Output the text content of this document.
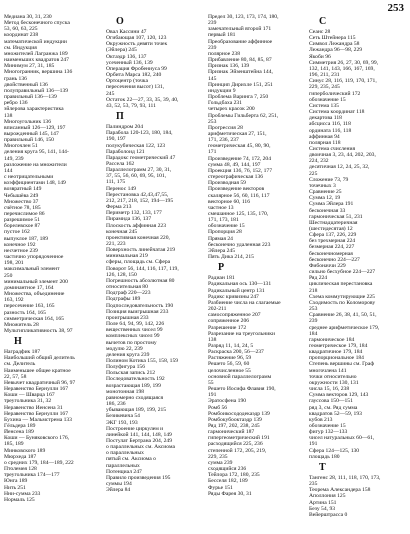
253
Медиана 30, 31, 230
Метод бесконечного спуска
53, 60, 63, 225
координат 238
математической индукции
см. Индукция
множителей Лагранжа 189
наименьших квадратов 247
Минимум 27, 31, 185
Многогранник, вершина 136
грань 136
двойственный 136
полуправильный 136—139
правильный 136—139
ребро 136
эйлерова характеристика
138
Многоугольник 136
вписанный 126—129, 197
вырожденный 145, 147
правильный 146, 150
Многочлен 51
деления круга 95, 141, 144-
149, 239
разложение на множители
144
с неотрицательными
коэффициентами 148, 149
возвратный 149
Чебышёва 249
Множество 37
счётное 78, 185
перечислимое 86
разрешимое 51
борелевское 87
пустое 162
выпуклое 187, 189
конечное 192
несчетное 239
частично упорядоченное
198, 201
максимальный элемент
250
минимальный элемент 200
доминантное 17, 164
Множества, объединение
163, 192
пересечение 163, 165
разность 164, 165
симметрическая 164, 165
Множитель 28
Мультипликативность 38, 97
Н
Наградфик 187
Наибольший общий делитель
см. Делитель
Наименьшее общее кратное
22, 57, 58
Невычет квадратичный 96, 97
Неравенство Бернулли 167
Коши — Шварца 167
треугольника 31, 32
Неравенство Иенсена 31
Неравенство Бернулли 167
Бухина — Мальмстрема 133
Гёльдера 189
Йенсена 189
Коши — Буняковского 176,
185, 189
Минковского 189
Мюрхеда 187
о средних 179, 184—189, 222
Птолемея 128
треугольника 174—177
Юнга 189
Нить 251
Нни-сумма 233
Нормаль 125
О
Овал Кассини 47
Огибающая 107, 120, 123
Окружность девяти точек
(Эйлера) 245
Октаэдр 136, 137
усеченный 136, 139
Операция Фробениуса 99
Орбита Марса 182, 240
Ортоцентр (точка
пересечения высот) 131,
245
Остаток 22—27, 33, 35, 39, 40,
43, 52, 53, 79, 93, 111
П
Палиндром 204
Парабола 120-123, 180, 184,
190, 197
полукубическая 122, 123
Параболоид 121
Парадокс геометрический 47
Рассела 162
Параллелограмм 27, 30, 31,
37, 55, 56, 60, 69, 95, 101,
111, 175
Перенос 149
Перестановка 42,43,47,55,
212, 217, 218, 152, 194—195
Ферма 213
Периметр 132, 133, 177
Пирамида 136, 137
Плоскость аффинная 223
конечная 245
проективная конечная 220,
221, 223
Поверхность линейчатая 219
минимальная 219
сферы, площадь см. Сфера
Поворот 56, 144, 116, 117, 119,
126, 128, 150
Погрешность абсолютная 80
относительная 80
Подграф 220—223
Подграфы 189
Подпоследовательность 190
Позиция выигрышная 233
проигрышная 233
Поле 64, 94, 99, 142, 226
вещественных чисел 99
комплексных чисел 99
вычетов по простому
модулю 22, 239
деления круга 239
Полином Котика 155, 158, 159
Полуфигура 156
Польская запись 212
Последовательность 192
возрастающая 189, 199
монотонная 198
равномерно сходящаяся
186, 236
убывающая 189, 199, 215
Безикевича 54
ЭКГ 193, 193
Построение циркулем и
линейкой 141, 144, 148, 149
Постулат Бертрана 204, 249
о параллельных см. Аксиома
о параллельных
пятый см. Аксиома о
параллельных
Потенциал 247
Правило произведения 195
суммы 194
Эйлера 84
Предел 30, 123, 173, 174, 180,
239
замечательный второй 171
первый 181
Преобразование аффинное
239
полярное 238
Прибавление 80, 84, 85, 87
Признак 136, 139
Признак Эйзенштейна 144,
145
Принцип Дирихле 151, 251
индукции 9
Проблема Варинга 7, 250
Гольдбаха 231
четырех красок 200
Проблемы Гильберта 62, 251,
253
Прогрессия 28
арифметическая 27, 151,
171, 236, 237
геометрическая 45, 80, 90,
171
Произведение 74, 172, 204
сумма 48, 49, 144, 197
Проекция 136, 76, 152, 177
стереографическая 136
Производная 59
Произведение векторов
скалярное 56, 60, 116, 117
векторное 60, 116
частное 13
смешанное 125, 135, 170,
171, 173, 181
обозначение 15
Пропорция 28
Прямая 24
бесконечно удаленная 223
Эйлера 245
Пять Дика 214, 215
Р
Радиан 181
Радикальная ось 130—131
Радикальный центр 131
Радикс кривизны 247
Разбиение числа на слагаемые
202-211
самосопряженное 207
сопряженное 206
Разрешение 172
Разрезание на треугольники
138
Разряд 11, 14, 24, 5
Раскраска 200, 56—237
Растяжение 96, 59
Решето 56, 59, 60
целочисленное 55
основной параллелограмм
55
Решето Иосифа Флавия 190,
191
Эратосфена 190
Ромб 56
Ромбоикосододекаэдр 139
Ромбокубооктаэдр 139
Ряд 197, 202, 238, 245
гармонический 187
гипергеометрический 191
расходящийся 225, 236
степенной 172, 205, 219,
229, 235
сумма 239
сходящийся 236
Тейлора 172, 180, 235
Бесселя 182, 189
Фурье 151
Ряды Фарея 30, 31
С
Сеанс 28
Сеть Штейнера 115
Символ Лежандра 58
Лежандра 96—98, 229
Якоби 96
Симметрия 26, 27, 30, 69, 99,
132, 141, 143, 166, 167, 169,
196, 211, 231
Синус 28, 116, 119, 170, 171,
229, 235, 245
гиперболический 172
обозначение 15
Система 135
Система координат 118
декартова 118
абсцисса 116, 118
ордината 116, 118
аффинная 94
полярная 118
Система счисления
двоичная 3, 23, 44, 202, 203,
224, 232
десятичная 12, 24, 25, 32,
225
Сложение 73, 79
точечных 3
Сравнение 25
Сумма 12, 19
Сумма Эйлера 191
бесконечная 33
гармоническая 51, 231
Шестнадцатеричная
(шестидесятая) 12
Сфера 137, 226, 229
без трехмерная 224
безмерная 224, 227
бесконечномерная
бесконечно 224—227
Фибоначчи 229
сильно бесхубное 224—227
Ряд 224
циклическая перестановка
218
Схема коммутирующие 225
Сходимость по Коломорову
253
Сравнение 26, 38, 41, 50, 51,
239
среднее арифметическое 179,
184
гармоническое 184
геометрическое 179, 184
квадратичное 179, 184
пропорциональное 184
Степень вершины см. Граф
многочлена 141
точки относительно
окружности 130, 131
числа 15, 16, 238
Сумма векторов 129, 143
гауссова 150—151
ряд 3, см. Ряд сумма
квадратов 52—59, 193
кубов 213
обозначение 15
фигур 132—133
чисел натуральных 60—61,
191
Сфера 124—125, 130
площадь 180
Т
Тангенс 28, 111, 118, 170, 173,
235
Теорема Александера 158
Аполлония 125
Артина 151
Безу 54, 93
Вейерштрасса 0
